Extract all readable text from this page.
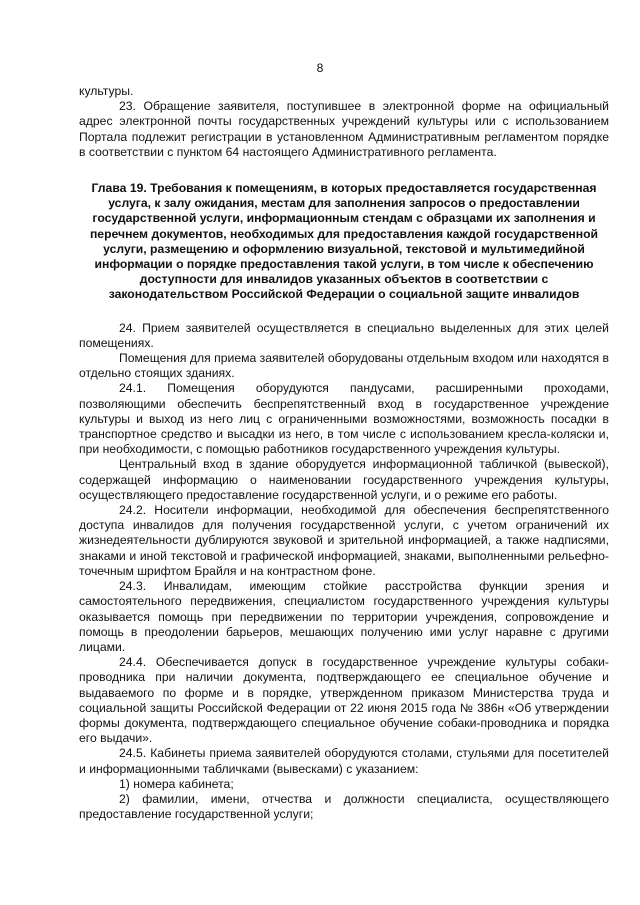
8

культуры.

23. Обращение заявителя, поступившее в электронной форме на официальный адрес электронной почты государственных учреждений культуры или с использованием Портала подлежит регистрации в установленном Административным регламентом порядке в соответствии с пунктом 64 настоящего Административного регламента.

Глава 19. Требования к помещениям, в которых предоставляется государственная услуга, к залу ожидания, местам для заполнения запросов о предоставлении государственной услуги, информационным стендам с образцами их заполнения и перечнем документов, необходимых для предоставления каждой государственной услуги, размещению и оформлению визуальной, текстовой и мультимедийной информации о порядке предоставления такой услуги, в том числе к обеспечению доступности для инвалидов указанных объектов в соответствии с законодательством Российской Федерации о социальной защите инвалидов

24. Прием заявителей осуществляется в специально выделенных для этих целей помещениях.

Помещения для приема заявителей оборудованы отдельным входом или находятся в отдельно стоящих зданиях.

24.1. Помещения оборудуются пандусами, расширенными проходами, позволяющими обеспечить беспрепятственный вход в государственное учреждение культуры и выход из него лиц с ограниченными возможностями, возможность посадки в транспортное средство и высадки из него, в том числе с использованием кресла-коляски и, при необходимости, с помощью работников государственного учреждения культуры.

Центральный вход в здание оборудуется информационной табличкой (вывеской), содержащей информацию о наименовании государственного учреждения культуры, осуществляющего предоставление государственной услуги, и о режиме его работы.

24.2. Носители информации, необходимой для обеспечения беспрепятственного доступа инвалидов для получения государственной услуги, с учетом ограничений их жизнедеятельности дублируются звуковой и зрительной информацией, а также надписями, знаками и иной текстовой и графической информацией, знаками, выполненными рельефно-точечным шрифтом Брайля и на контрастном фоне.

24.3. Инвалидам, имеющим стойкие расстройства функции зрения и самостоятельного передвижения, специалистом государственного учреждения культуры оказывается помощь при передвижении по территории учреждения, сопровождение и помощь в преодолении барьеров, мешающих получению ими услуг наравне с другими лицами.

24.4. Обеспечивается допуск в государственное учреждение культуры собаки-проводника при наличии документа, подтверждающего ее специальное обучение и выдаваемого по форме и в порядке, утвержденном приказом Министерства труда и социальной защиты Российской Федерации от 22 июня 2015 года № 386н «Об утверждении формы документа, подтверждающего специальное обучение собаки-проводника и порядка его выдачи».

24.5. Кабинеты приема заявителей оборудуются столами, стульями для посетителей и информационными табличками (вывесками) с указанием:

1) номера кабинета;

2) фамилии, имени, отчества и должности специалиста, осуществляющего предоставление государственной услуги;
